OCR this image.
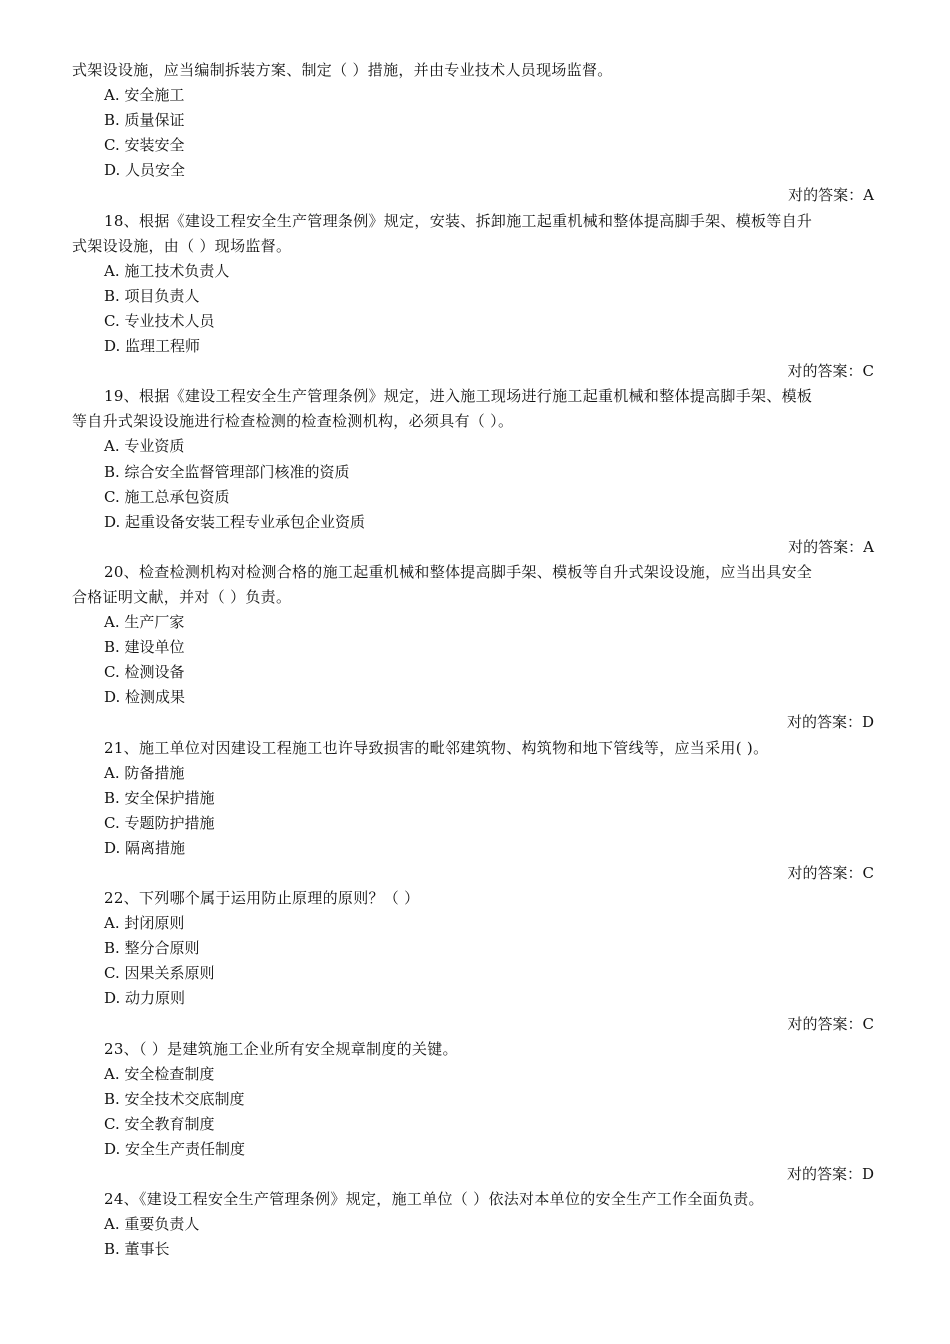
式架设设施，应当编制拆装方案、制定（ ）措施，并由专业技术人员现场监督。
A. 安全施工
B. 质量保证
C. 安装安全
D. 人员安全
对的答案：A
18、根据《建设工程安全生产管理条例》规定，安装、拆卸施工起重机械和整体提高脚手架、模板等自升
式架设设施，由（ ）现场监督。
A. 施工技术负责人
B. 项目负责人
C. 专业技术人员
D. 监理工程师
对的答案：C
19、根据《建设工程安全生产管理条例》规定，进入施工现场进行施工起重机械和整体提高脚手架、模板
等自升式架设设施进行检查检测的检查检测机构，必须具有（ ）。
A. 专业资质
B. 综合安全监督管理部门核准的资质
C. 施工总承包资质
D. 起重设备安装工程专业承包企业资质
对的答案：A
20、检查检测机构对检测合格的施工起重机械和整体提高脚手架、模板等自升式架设设施，应当出具安全
合格证明文献，并对（ ）负责。
A. 生产厂家
B. 建设单位
C. 检测设备
D. 检测成果
对的答案：D
21、施工单位对因建设工程施工也许导致损害的毗邻建筑物、构筑物和地下管线等，应当采用( )。
A. 防备措施
B. 安全保护措施
C. 专题防护措施
D. 隔离措施
对的答案：C
22、下列哪个属于运用防止原理的原则？（ ）
A. 封闭原则
B. 整分合原则
C. 因果关系原则
D. 动力原则
对的答案：C
23、（ ）是建筑施工企业所有安全规章制度的关键。
A. 安全检查制度
B. 安全技术交底制度
C. 安全教育制度
D. 安全生产责任制度
对的答案：D
24、《建设工程安全生产管理条例》规定，施工单位（ ）依法对本单位的安全生产工作全面负责。
A. 重要负责人
B. 董事长
